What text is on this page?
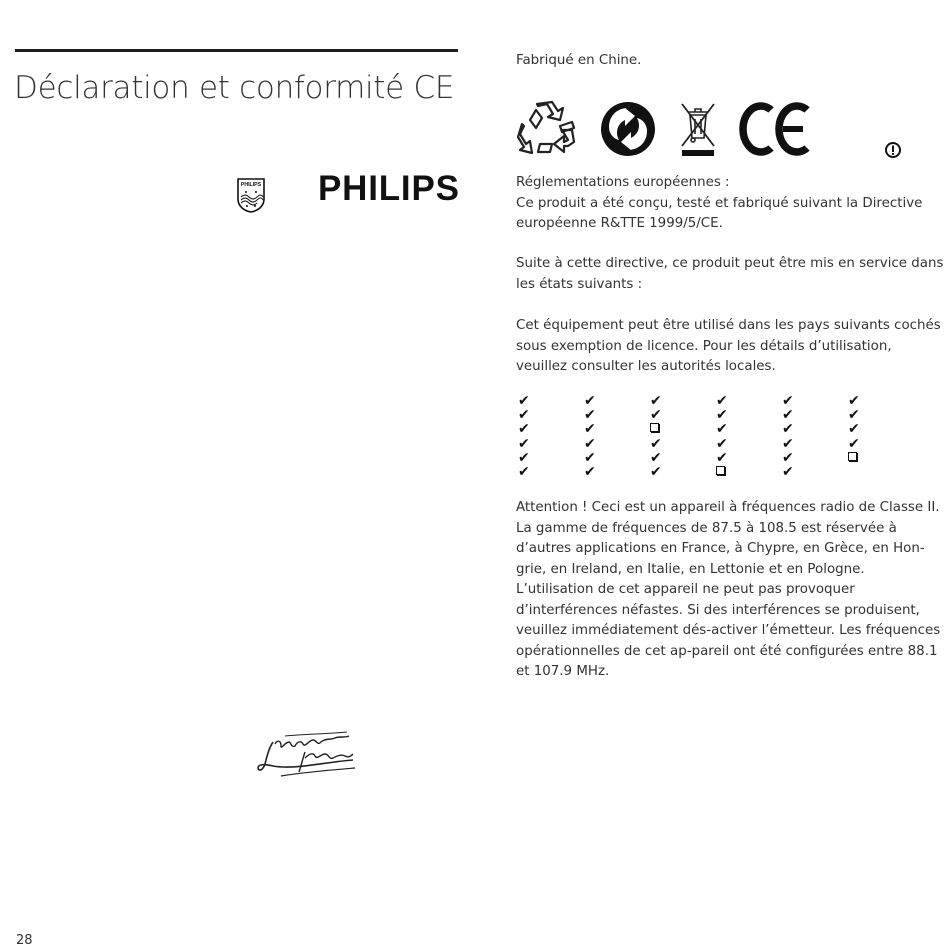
Déclaration et conformité CE
PHILIPS PHILIPS
28
Fabriqué en Chine.
Réglementations européennes :
Ce produit a été conçu, testé et fabriqué suivant la Directive européenne R&TTE 1999/5/CE.
Suite à cette directive, ce produit peut être mis en service dans les états suivants :
Cet équipement peut être utilisé dans les pays suivants cochés sous exemption de licence. Pour les détails d’utilisation, veuillez consulter les autorités locales.
✔
✔
✔
✔
✔
✔
✔
✔
✔
✔
✔
✔
✔
✔
✔
✔
✔
✔
✔
✔
✔
✔
✔
✔
✔
✔
✔
✔
✔
✔
✔
✔
Attention ! Ceci est un appareil à fréquences radio de Classe II. La gamme de fréquences de 87.5 à 108.5 est réservée à d’autres applications en France, à Chypre, en Grèce, en Hon-grie, en Ireland, en Italie, en Lettonie et en Pologne. L’utilisation de cet appareil ne peut pas provoquer d’interférences néfastes. Si des interférences se produisent, veuillez immédiatement dés-activer l’émetteur. Les fréquences opérationnelles de cet ap-pareil ont été configurées entre 88.1 et 107.9 MHz.
